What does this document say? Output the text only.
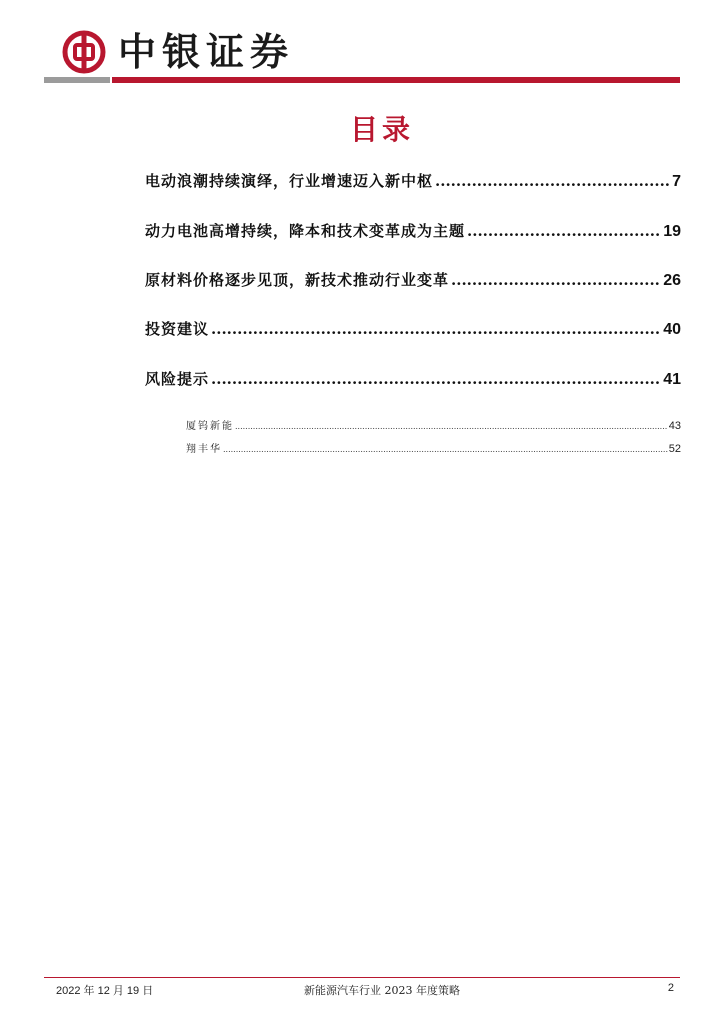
中银证券
目录
电动浪潮持续演绎，行业增速迈入新中枢 .....	7
动力电池高增持续，降本和技术变革成为主题 .....	19
原材料价格逐步见顶，新技术推动行业变革 .....	26
投资建议 .....	40
风险提示 .....	41
厦钨新能 .....	43
翔丰华 .....	52
2022 年 12 月 19 日	新能源汽车行业 2023 年度策略	2
